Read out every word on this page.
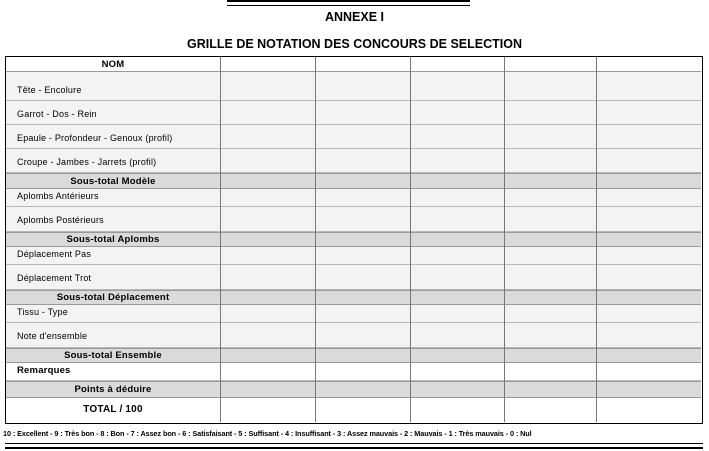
ANNEXE I
GRILLE DE NOTATION DES CONCOURS DE SELECTION
NOM
Tête - Encolure
Garrot - Dos - Rein
Epaule - Profondeur - Genoux (profil)
Croupe - Jambes - Jarrets (profil)
Sous-total Modèle
Aplombs Antérieurs
Aplombs Postérieurs
Sous-total Aplombs
Déplacement Pas
Déplacement Trot
Sous-total Déplacement
Tissu - Type
Note d'ensemble
Sous-total Ensemble
Remarques
Points à déduire
TOTAL / 100
10 : Excellent - 9 : Très bon - 8 : Bon - 7 : Assez bon - 6 : Satisfaisant - 5 : Suffisant - 4 : Insuffisant - 3 : Assez mauvais - 2 : Mauvais - 1 : Très mauvais - 0 : Nul
